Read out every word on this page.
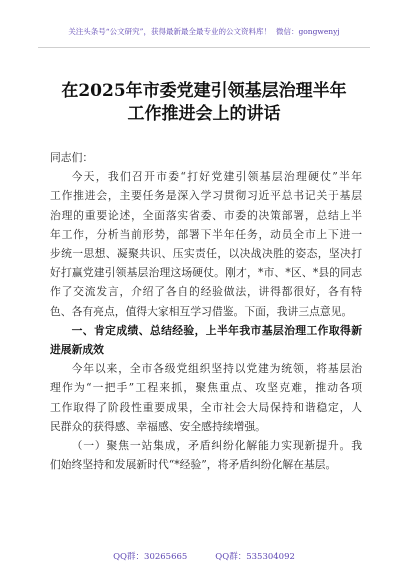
关注头条号“公文研究”，获得最新最全最专业的公文资料库！ 微信：gongwenyj
在2025年市委党建引领基层治理半年
工作推进会上的讲话
同志们：
今天，我们召开市委“打好党建引领基层治理硬仗”半年
工作推进会，主要任务是深入学习贯彻习近平总书记关于基层
治理的重要论述，全面落实省委、市委的决策部署，总结上半
年工作，分析当前形势，部署下半年任务，动员全市上下进一
步统一思想、凝聚共识、压实责任，以决战决胜的姿态，坚决打
好打赢党建引领基层治理这场硬仗。刚才，*市、*区、*县的同志
作了交流发言，介绍了各自的经验做法，讲得都很好，各有特
色、各有亮点，值得大家相互学习借鉴。下面，我讲三点意见。
一、肯定成绩、总结经验，上半年我市基层治理工作取得新
进展新成效
今年以来，全市各级党组织坚持以党建为统领，将基层治
理作为“一把手”工程来抓，聚焦重点、攻坚克难，推动各项
工作取得了阶段性重要成果，全市社会大局保持和谐稳定，人
民群众的获得感、幸福感、安全感持续增强。
（一）聚焦一站集成，矛盾纠纷化解能力实现新提升。我
们始终坚持和发展新时代“*经验”，将矛盾纠纷化解在基层。
QQ群：30265665	QQ群：535304092
